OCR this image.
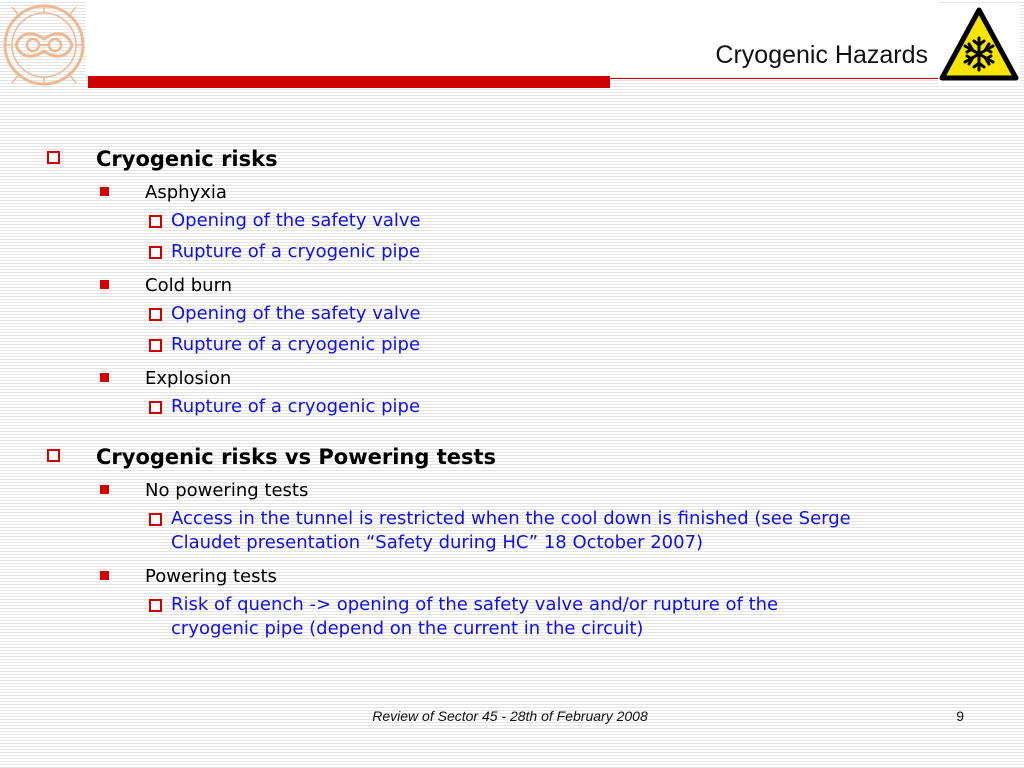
Cryogenic Hazards
Cryogenic risks
Asphyxia
Opening of the safety valve
Rupture of a cryogenic pipe
Cold burn
Opening of the safety valve
Rupture of a cryogenic pipe
Explosion
Rupture of a cryogenic pipe
Cryogenic risks vs Powering tests
No powering tests
Access in the tunnel is restricted when the cool down is finished (see Serge
Claudet presentation “Safety during HC” 18 October 2007)
Powering tests
Risk of quench -> opening of the safety valve and/or rupture of the
cryogenic pipe (depend on the current in the circuit)
Review of Sector 45 - 28th of February 2008	9
